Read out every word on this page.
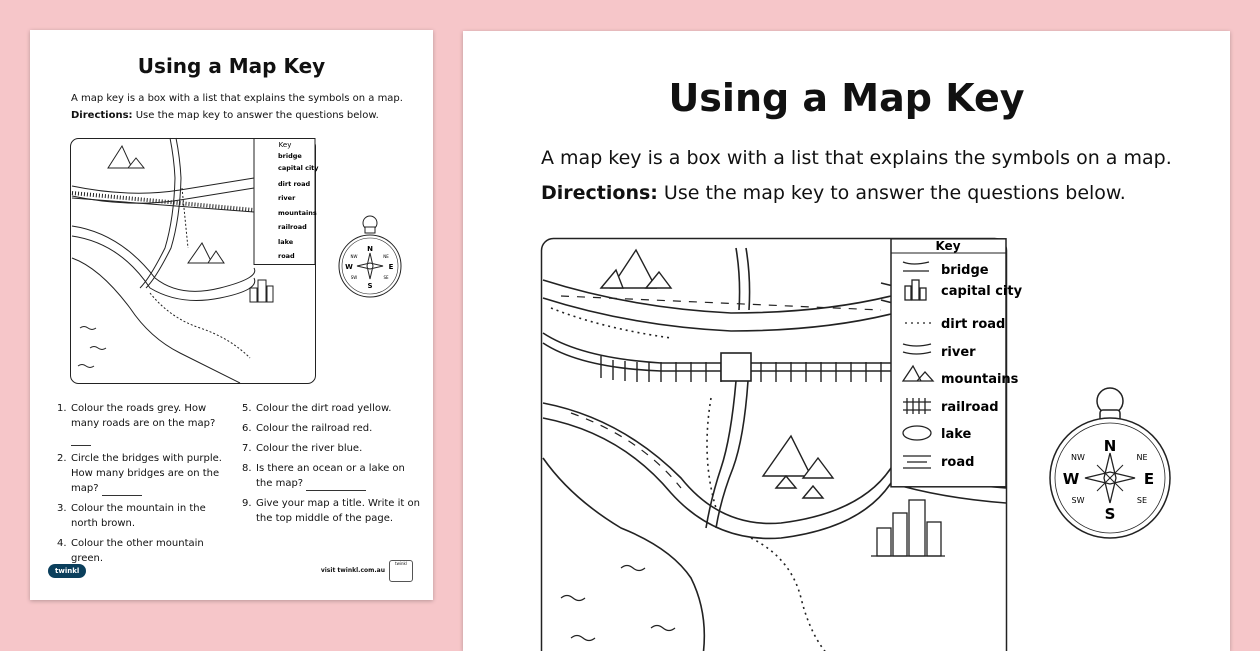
Using a Map Key
A map key is a box with a list that explains the symbols on a map.
Directions: Use the map key to answer the questions below.
Key
bridge
capital city
dirt road
river
mountains
railroad
lake
road
N
S
E
W
NW	NE
SW	SE
1. Colour the roads grey. How many roads are on the map?
2. Circle the bridges with purple. How many bridges are on the map?
3. Colour the mountain in the north brown.
4. Colour the other mountain green.
5. Colour the dirt road yellow.
6. Colour the railroad red.
7. Colour the river blue.
8. Is there an ocean or a lake on the map?
9. Give your map a title. Write it on the top middle of the page.
twinkl	visit twinkl.com.au
twinkl
Using a Map Key
A map key is a box with a list that explains the symbols on a map.
Directions: Use the map key to answer the questions below.
Key
bridge
capital city
dirt road
river
mountains
railroad
lake
road
N
S
E
W
NW	NE
SW	SE
